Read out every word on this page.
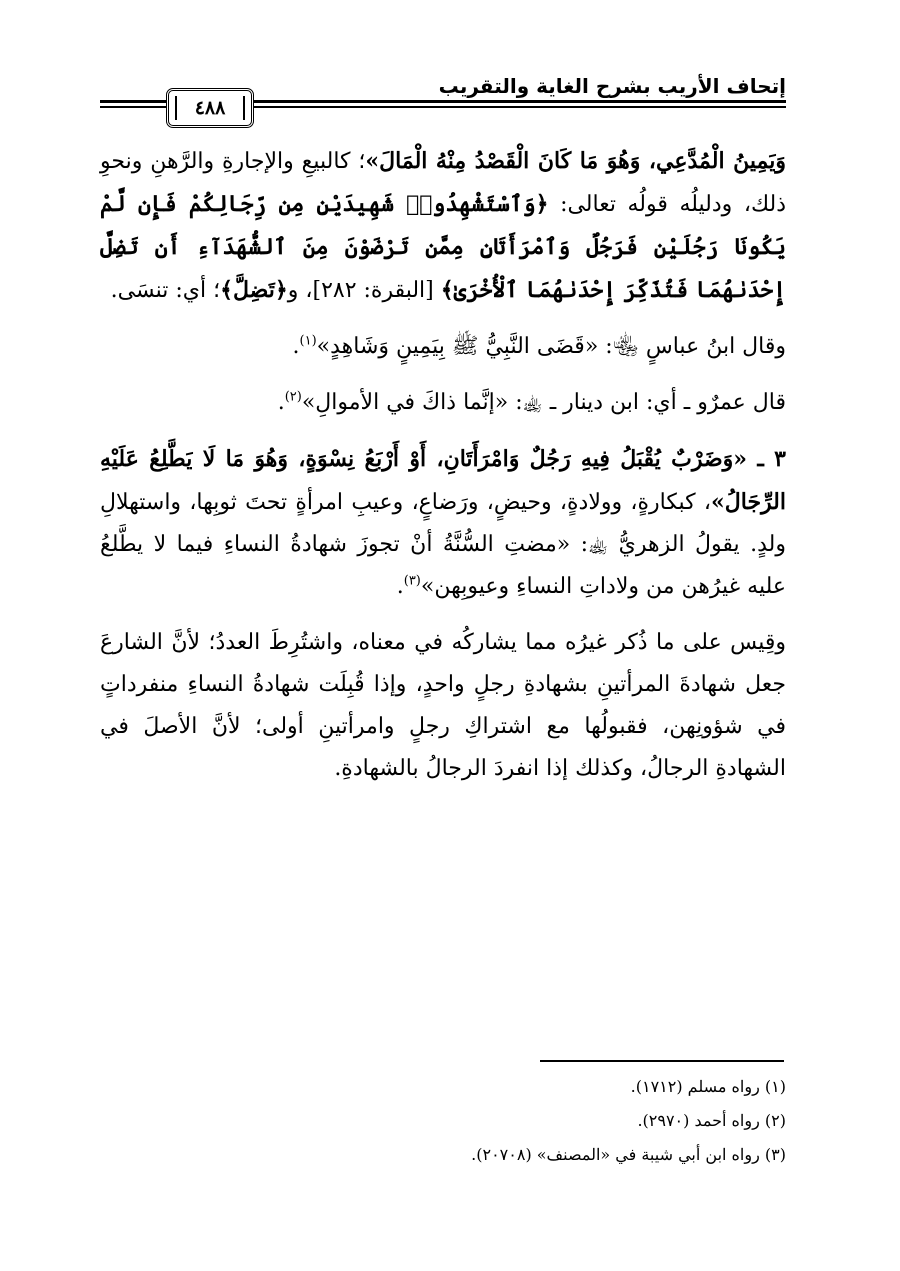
إتحاف الأريب بشرح الغاية والتقريب
٤٨٨
وَيَمِينُ الْمُدَّعِي، وَهُوَ مَا كَانَ الْقَصْدُ مِنْهُ الْمَالَ»؛ كالبيعِ والإجارةِ والرَّهنِ ونحوِ ذلك، ودليلُه قولُه تعالى: ﴿وَٱسْتَشْهِدُوا۟ شَهِيدَيْنِ مِن رِّجَالِكُمْ فَإِن لَّمْ يَكُونَا رَجُلَيْنِ فَرَجُلٌ وَٱمْرَأَتَانِ مِمَّن تَرْضَوْنَ مِنَ ٱلشُّهَدَآءِ أَن تَضِلَّ إِحْدَىٰهُمَا فَتُذَكِّرَ إِحْدَىٰهُمَا ٱلْأُخْرَىٰ﴾ [البقرة: ٢٨٢]، و﴿تَضِلَّ﴾؛ أي: تنسَى.
وقال ابنُ عباسٍ ﵄: «قَضَى النَّبِيُّ ﷺ بِيَمِينٍ وَشَاهِدٍ»$^{(١)}$.
قال عمرٌو ـ أي: ابن دينار ـ ﵀: «إنَّما ذاكَ في الأموالِ»$^{(٢)}$.
٣ ـ «وَضَرْبٌ يُقْبَلُ فِيهِ رَجُلٌ وَامْرَأَتَانِ، أَوْ أَرْبَعُ نِسْوَةٍ، وَهُوَ مَا لَا يَطَّلِعُ عَلَيْهِ الرِّجَالُ»، كبكارةٍ، وولادةٍ، وحيضٍ، ورَضاعٍ، وعيبِ امرأةٍ تحتَ ثوبِها، واستهلالِ ولدٍ. يقولُ الزهريُّ ﵀: «مضتِ السُّنَّةُ أنْ تجوزَ شهادةُ النساءِ فيما لا يطَّلعُ عليه غيرُهن من ولاداتِ النساءِ وعيوبِهن»$^{(٣)}$.
وقِيس على ما ذُكر غيرُه مما يشاركُه في معناه، واشتُرِطَ العددُ؛ لأنَّ الشارعَ جعل شهادةَ المرأتينِ بشهادةِ رجلٍ واحدٍ، وإذا قُبِلَت شهادةُ النساءِ منفرداتٍ في شؤونِهن، فقبولُها مع اشتراكِ رجلٍ وامرأتينِ أولى؛ لأنَّ الأصلَ في الشهادةِ الرجالُ، وكذلك إذا انفردَ الرجالُ بالشهادةِ.
(١) رواه مسلم (١٧١٢).
(٢) رواه أحمد (٢٩٧٠).
(٣) رواه ابن أبي شيبة في «المصنف» (٢٠٧٠٨).
